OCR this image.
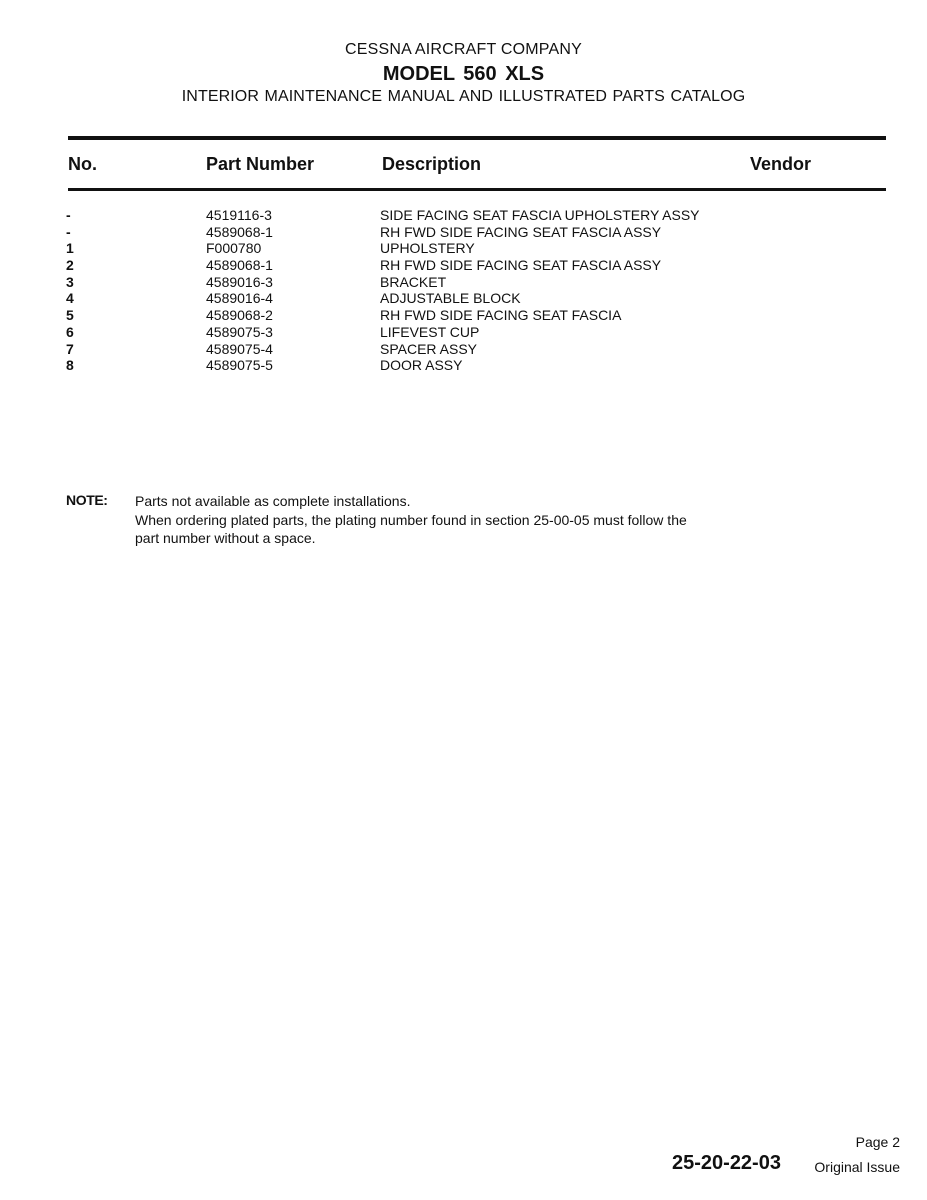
CESSNA AIRCRAFT COMPANY
MODEL 560 XLS
INTERIOR MAINTENANCE MANUAL AND ILLUSTRATED PARTS CATALOG
No.	Part Number	Description	Vendor
-	4519116-3	SIDE FACING SEAT FASCIA UPHOLSTERY ASSY
-	4589068-1	RH FWD SIDE FACING SEAT FASCIA ASSY
1	F000780	UPHOLSTERY
2	4589068-1	RH FWD SIDE FACING SEAT FASCIA ASSY
3	4589016-3	BRACKET
4	4589016-4	ADJUSTABLE BLOCK
5	4589068-2	RH FWD SIDE FACING SEAT FASCIA
6	4589075-3	LIFEVEST CUP
7	4589075-4	SPACER ASSY
8	4589075-5	DOOR ASSY
NOTE: Parts not available as complete installations.
When ordering plated parts, the plating number found in section 25-00-05 must follow the
part number without a space.
Page 2
25-20-22-03 Original Issue
